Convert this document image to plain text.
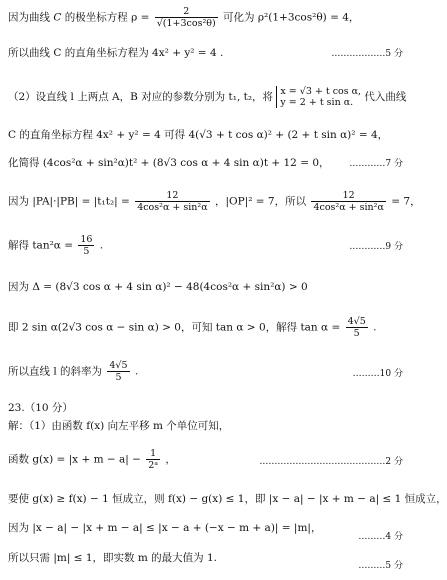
因为曲线 C 的极坐标方程 $\rho = \frac{2}{\text{√(1+3cos²θ)}}$ 可化为 ρ²(1+3cos²θ) = 4，
所以曲线 C 的直角坐标方程为 4x² + y² = 4 .	………………5 分
（2）设直线 l 上两点 A，B 对应的参数分别为 t₁, t₂，将 x = √3 + t cos α,
y = 2 + t sin α.	代入曲线
C 的直角坐标方程 4x² + y² = 4 可得 4(√3 + t cos α)² + (2 + t sin α)² = 4，
化简得 (4cos²α + sin²α)t² + (8√3 cos α + 4 sin α)t + 12 = 0，	…………7 分
因为 $|PA|\cdot|PB| = |t_1t_2| = \frac{12}{\text{4cos²α + sin²α}}$ ，|OP|² = 7，所以 $\frac{12}{\text{4cos²α + sin²α}} = 7$，
解得 $\tan^2\alpha = \frac{16}{5}$ .	…………9 分
因为 Δ = (8√3 cos α + 4 sin α)² − 48(4cos²α + sin²α) > 0
即 2 sin α(2√3 cos α − sin α) > 0，可知 tan α > 0，解得 $\tan \alpha = \frac{4√5}{5}$ .
所以直线 l 的斜率为 $\frac{4√5}{5}$ .	………10 分
23.（10 分）
解：（1）由函数 f(x) 向左平移 m 个单位可知，
函数 $g(x) = |x + m - a| - \frac{1}{\text{2ᵃ}}$ ，	……………………………………2 分
要使 g(x) ≥ f(x) − 1 恒成立，则 f(x) − g(x) ≤ 1，即 |x − a| − |x + m − a| ≤ 1 恒成立，
因为 |x − a| − |x + m − a| ≤ |x − a + (−x − m + a)| = |m|，
………4 分
所以只需 |m| ≤ 1，即实数 m 的最大值为 1.
………5 分
